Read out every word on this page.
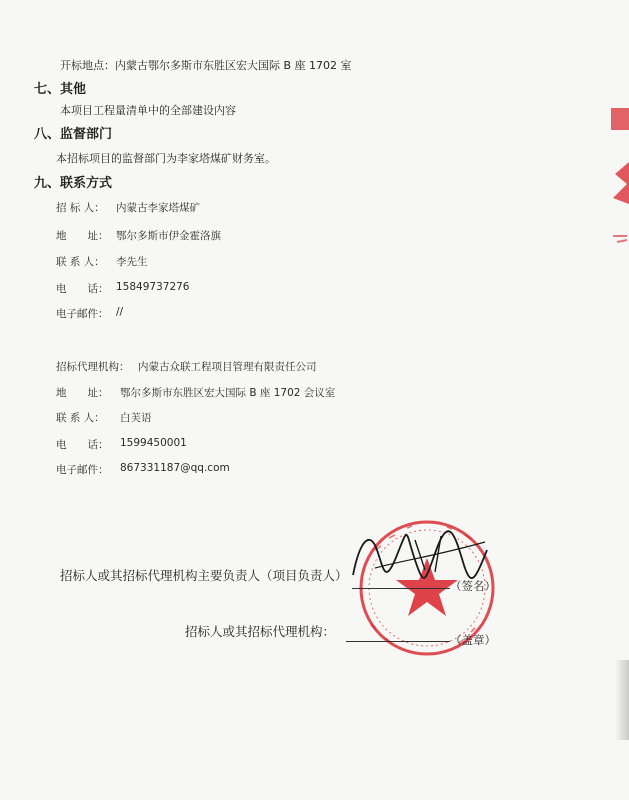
开标地点：内蒙古鄂尔多斯市东胜区宏大国际 B 座 1702 室
七、其他
本项目工程量清单中的全部建设内容
八、监督部门
本招标项目的监督部门为李家塔煤矿财务室。
九、联系方式
招 标 人： 内蒙古李家塔煤矿
地　　址： 鄂尔多斯市伊金霍洛旗
联 系 人： 李先生
电　　话： 15849737276
电子邮件： //
招标代理机构： 内蒙古众联工程项目管理有限责任公司
地　　址： 鄂尔多斯市东胜区宏大国际 B 座 1702 会议室
联 系 人： 白芙语
电　　话： 1599450001
电子邮件： 867331187@qq.com
招标人或其招标代理机构主要负责人（项目负责人）
（签名）
招标人或其招标代理机构：
（盖章）
